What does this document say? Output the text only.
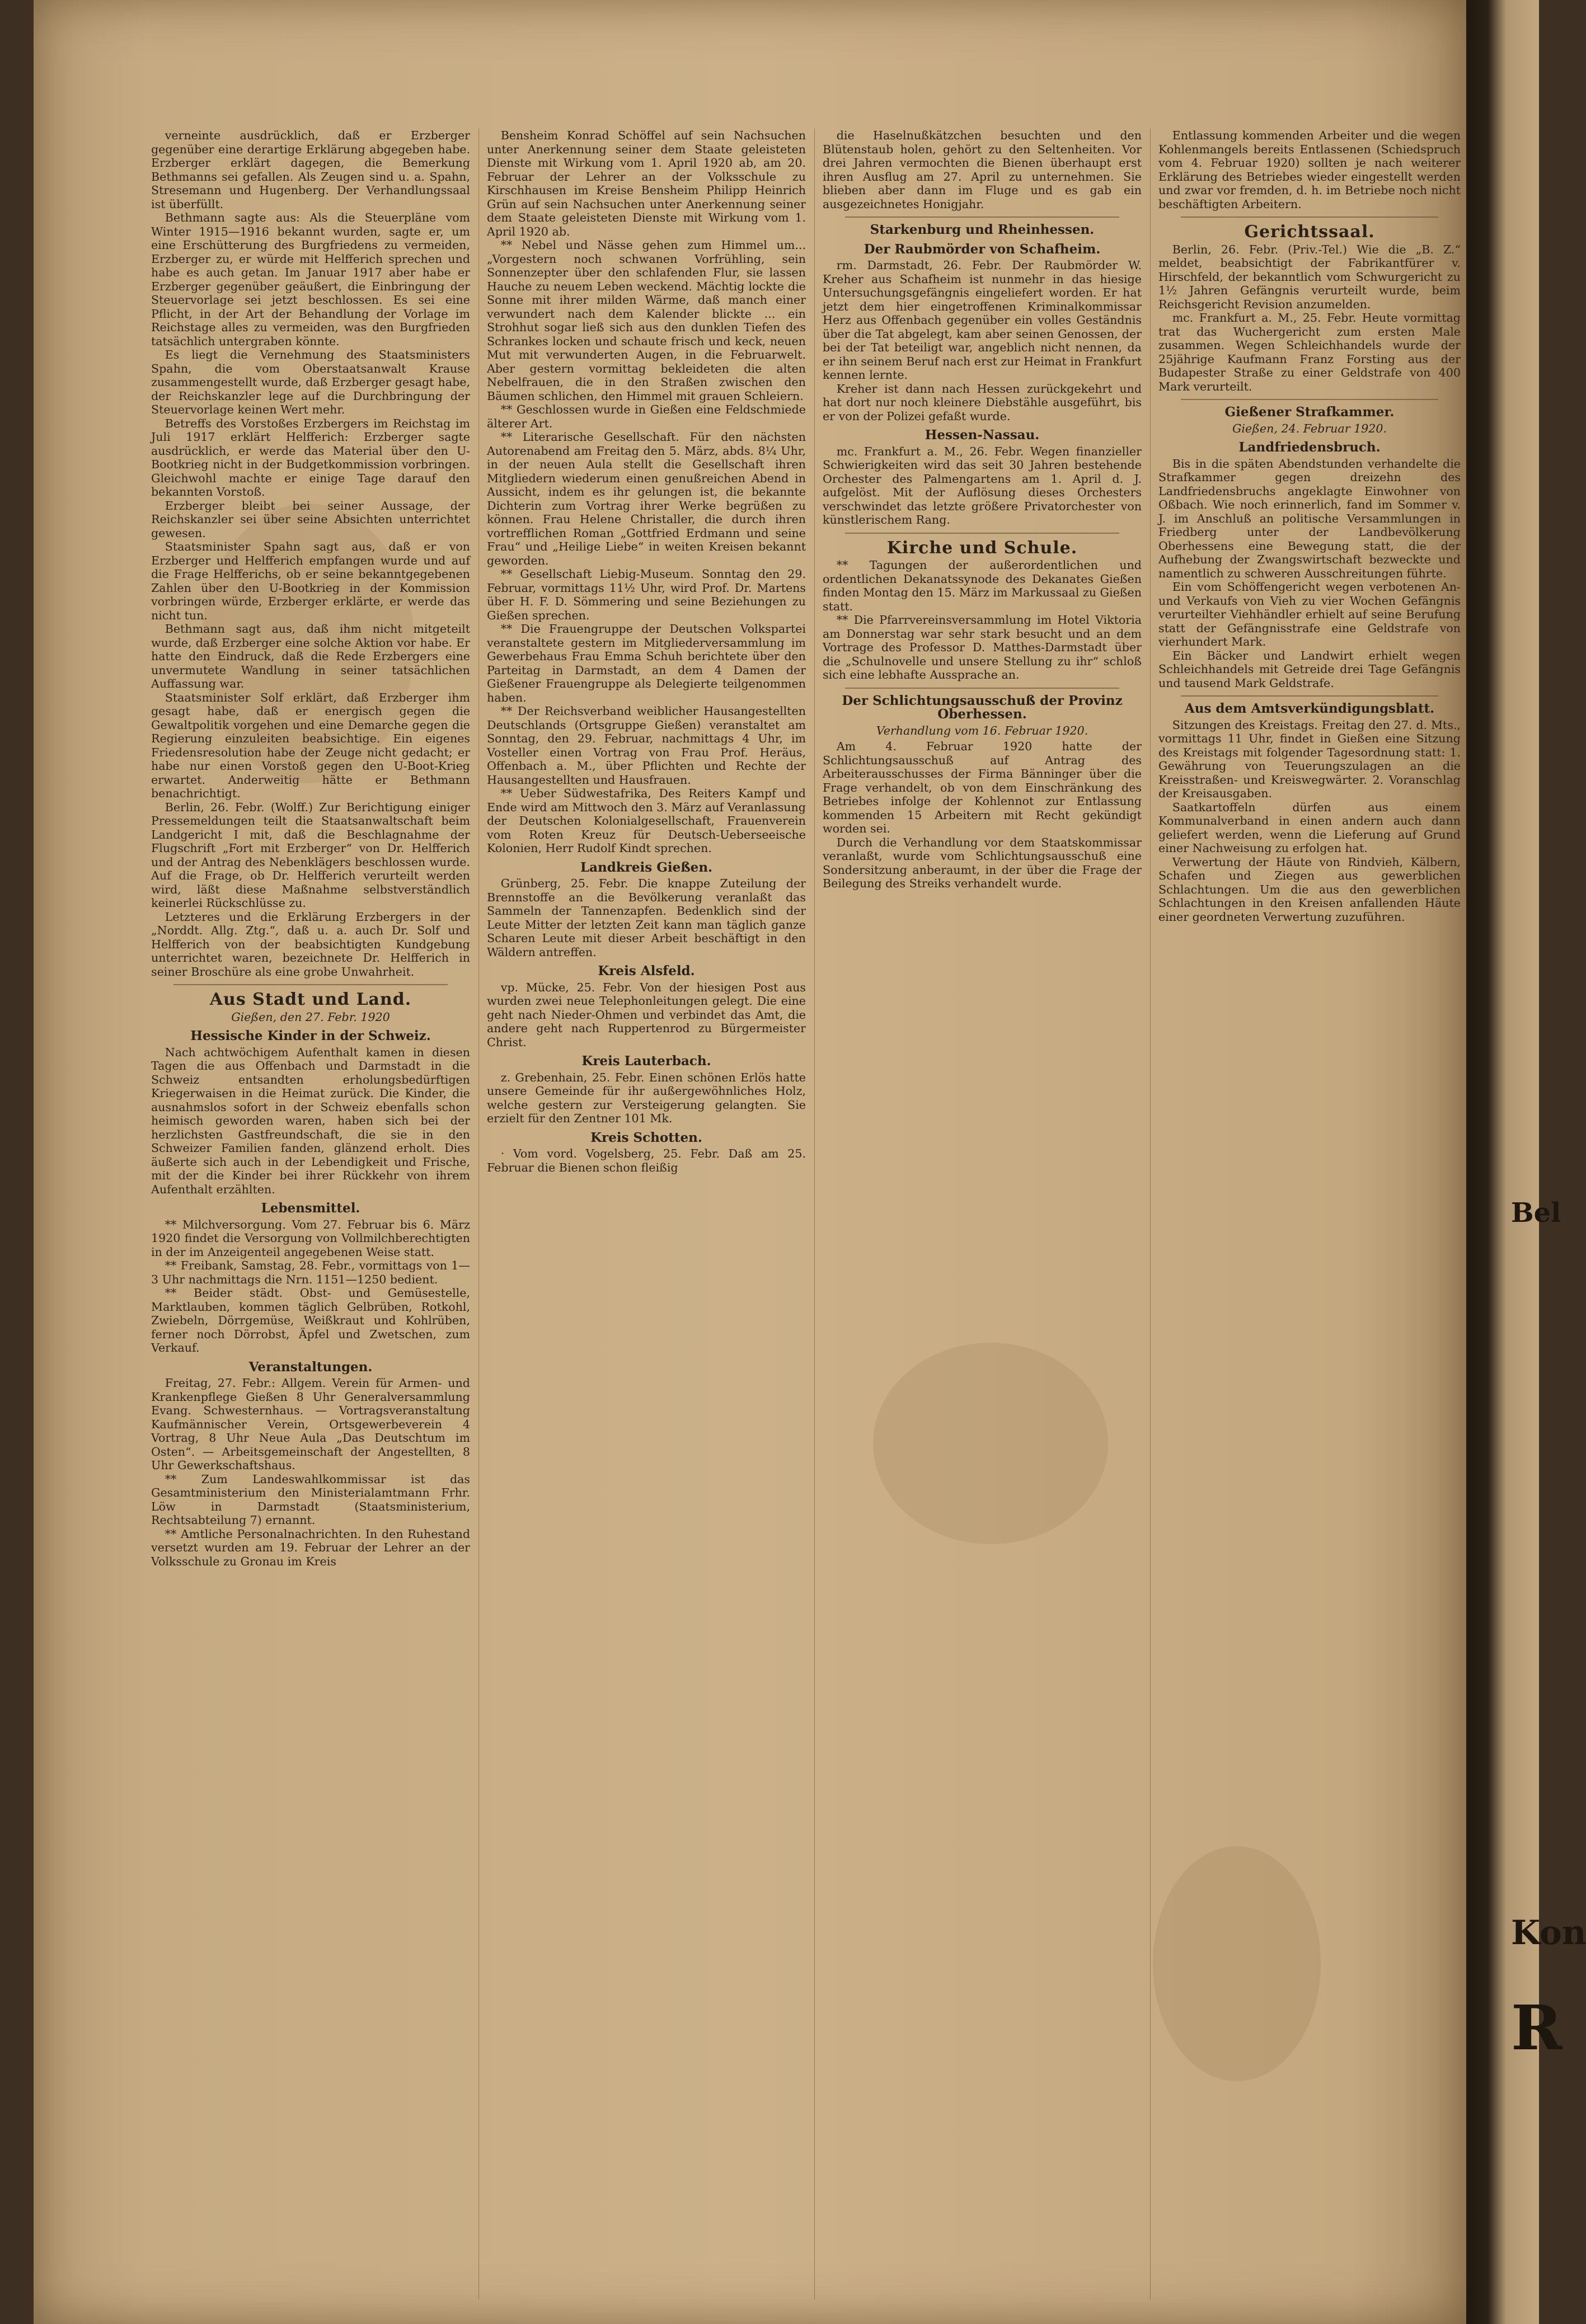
verneinte ausdrücklich, daß er Erzberger gegenüber eine derartige Erklärung abgegeben habe. Erzberger erklärt dagegen, die Bemerkung Bethmanns sei gefallen. Als Zeugen sind u. a. Spahn, Stresemann und Hugenberg. Der Verhandlungssaal ist überfüllt.

Bethmann sagte aus: Als die Steuerpläne vom Winter 1915—1916 bekannt wurden, sagte er, um eine Erschütterung des Burgfriedens zu vermeiden, Erzberger zu, er würde mit Helfferich sprechen und habe es auch getan. Im Januar 1917 aber habe er Erzberger gegenüber geäußert, die Einbringung der Steuervorlage sei jetzt beschlossen. Es sei eine Pflicht, in der Art der Behandlung der Vorlage im Reichstage alles zu vermeiden, was den Burgfrieden tatsächlich untergraben könnte.

Es liegt die Vernehmung des Staatsministers Spahn, die vom Oberstaatsanwalt Krause zusammengestellt wurde, daß Erzberger gesagt habe, der Reichskanzler lege auf die Durchbringung der Steuervorlage keinen Wert mehr.

Betreffs des Vorstoßes Erzbergers im Reichstag im Juli 1917 erklärt Helfferich: Erzberger sagte ausdrücklich, er werde das Material über den U-Bootkrieg nicht in der Budgetkommission vorbringen. Gleichwohl machte er einige Tage darauf den bekannten Vorstoß.

Erzberger bleibt bei seiner Aussage, der Reichskanzler sei über seine Absichten unterrichtet gewesen.

Staatsminister Spahn sagt aus, daß er von Erzberger und Helfferich empfangen wurde und auf die Frage Helfferichs, ob er seine bekanntgegebenen Zahlen über den U-Bootkrieg in der Kommission vorbringen würde, Erzberger erklärte, er werde das nicht tun.

Bethmann sagt aus, daß ihm nicht mitgeteilt wurde, daß Erzberger eine solche Aktion vor habe. Er hatte den Eindruck, daß die Rede Erzbergers eine unvermutete Wandlung in seiner tatsächlichen Auffassung war.

Staatsminister Solf erklärt, daß Erzberger ihm gesagt habe, daß er energisch gegen die Gewaltpolitik vorgehen und eine Demarche gegen die Regierung einzuleiten beabsichtige. Ein eigenes Friedensresolution habe der Zeuge nicht gedacht; er habe nur einen Vorstoß gegen den U-Boot-Krieg erwartet. Anderweitig hätte er Bethmann benachrichtigt.

Berlin, 26. Febr. (Wolff.) Zur Berichtigung einiger Pressemeldungen teilt die Staatsanwaltschaft beim Landgericht I mit, daß die Beschlagnahme der Flugschrift „Fort mit Erzberger“ von Dr. Helfferich und der Antrag des Nebenklägers beschlossen wurde. Auf die Frage, ob Dr. Helfferich verurteilt werden wird, läßt diese Maßnahme selbstverständlich keinerlei Rückschlüsse zu.

Letzteres und die Erklärung Erzbergers in der „Norddt. Allg. Ztg.“, daß u. a. auch Dr. Solf und Helfferich von der beabsichtigten Kundgebung unterrichtet waren, bezeichnete Dr. Helfferich in seiner Broschüre als eine grobe Unwahrheit.

Aus Stadt und Land.
Gießen, den 27. Febr. 1920
Hessische Kinder in der Schweiz.

Nach achtwöchigem Aufenthalt kamen in diesen Tagen die aus Offenbach und Darmstadt in die Schweiz entsandten erholungsbedürftigen Kriegerwaisen in die Heimat zurück. Die Kinder, die ausnahmslos sofort in der Schweiz ebenfalls schon heimisch geworden waren, haben sich bei der herzlichsten Gastfreundschaft, die sie in den Schweizer Familien fanden, glänzend erholt. Dies äußerte sich auch in der Lebendigkeit und Frische, mit der die Kinder bei ihrer Rückkehr von ihrem Aufenthalt erzählten.

Lebensmittel.

** Milchversorgung. Vom 27. Februar bis 6. März 1920 findet die Versorgung von Vollmilchberechtigten in der im Anzeigenteil angegebenen Weise statt.

** Freibank, Samstag, 28. Febr., vormittags von 1—3 Uhr nachmittags die Nrn. 1151—1250 bedient.

** Beider städt. Obst- und Gemüsestelle, Marktlauben, kommen täglich Gelbrüben, Rotkohl, Zwiebeln, Dörrgemüse, Weißkraut und Kohlrüben, ferner noch Dörrobst, Äpfel und Zwetschen, zum Verkauf.

Veranstaltungen.

Freitag, 27. Febr.: Allgem. Verein für Armen- und Krankenpflege Gießen 8 Uhr Generalversammlung Evang. Schwesternhaus. — Vortragsveranstaltung Kaufmännischer Verein, Ortsgewerbeverein 4 Vortrag, 8 Uhr Neue Aula „Das Deutschtum im Osten“. — Arbeitsgemeinschaft der Angestellten, 8 Uhr Gewerkschaftshaus.

** Zum Landeswahlkommissar ist das Gesamtministerium den Ministerialamtmann Frhr. Löw in Darmstadt (Staatsministerium, Rechtsabteilung 7) ernannt.

** Amtliche Personalnachrichten. In den Ruhestand versetzt wurden am 19. Februar der Lehrer an der Volksschule zu Gronau im Kreis

Bensheim Konrad Schöffel auf sein Nachsuchen unter Anerkennung seiner dem Staate geleisteten Dienste mit Wirkung vom 1. April 1920 ab, am 20. Februar der Lehrer an der Volksschule zu Kirschhausen im Kreise Bensheim Philipp Heinrich Grün auf sein Nachsuchen unter Anerkennung seiner dem Staate geleisteten Dienste mit Wirkung vom 1. April 1920 ab.

** Nebel und Nässe gehen zum Himmel um... „Vorgestern noch schwanen Vorfrühling, sein Sonnenzepter über den schlafenden Flur, sie lassen Hauche zu neuem Leben weckend. Mächtig lockte die Sonne mit ihrer milden Wärme, daß manch einer verwundert nach dem Kalender blickte ... ein Strohhut sogar ließ sich aus den dunklen Tiefen des Schrankes locken und schaute frisch und keck, neuen Mut mit verwunderten Augen, in die Februarwelt. Aber gestern vormittag bekleideten die alten Nebelfrauen, die in den Straßen zwischen den Bäumen schlichen, den Himmel mit grauen Schleiern.

** Geschlossen wurde in Gießen eine Feldschmiede älterer Art.

** Literarische Gesellschaft. Für den nächsten Autorenabend am Freitag den 5. März, abds. 8¼ Uhr, in der neuen Aula stellt die Gesellschaft ihren Mitgliedern wiederum einen genußreichen Abend in Aussicht, indem es ihr gelungen ist, die bekannte Dichterin zum Vortrag ihrer Werke begrüßen zu können. Frau Helene Christaller, die durch ihren vortrefflichen Roman „Gottfried Erdmann und seine Frau“ und „Heilige Liebe“ in weiten Kreisen bekannt geworden.

** Gesellschaft Liebig-Museum. Sonntag den 29. Februar, vormittags 11½ Uhr, wird Prof. Dr. Martens über H. F. D. Sömmering und seine Beziehungen zu Gießen sprechen.

** Die Frauengruppe der Deutschen Volkspartei veranstaltete gestern im Mitgliederversammlung im Gewerbehaus Frau Emma Schuh berichtete über den Parteitag in Darmstadt, an dem 4 Damen der Gießener Frauengruppe als Delegierte teilgenommen haben.

** Der Reichsverband weiblicher Hausangestellten Deutschlands (Ortsgruppe Gießen) veranstaltet am Sonntag, den 29. Februar, nachmittags 4 Uhr, im Vosteller einen Vortrag von Frau Prof. Heräus, Offenbach a. M., über Pflichten und Rechte der Hausangestellten und Hausfrauen.

** Ueber Südwestafrika, Des Reiters Kampf und Ende wird am Mittwoch den 3. März auf Veranlassung der Deutschen Kolonialgesellschaft, Frauenverein vom Roten Kreuz für Deutsch-Ueberseeische Kolonien, Herr Rudolf Kindt sprechen.

Landkreis Gießen.

Grünberg, 25. Febr. Die knappe Zuteilung der Brennstoffe an die Bevölkerung veranlaßt das Sammeln der Tannenzapfen. Bedenklich sind der Leute Mitter der letzten Zeit kann man täglich ganze Scharen Leute mit dieser Arbeit beschäftigt in den Wäldern antreffen.

Kreis Alsfeld.

vp. Mücke, 25. Febr. Von der hiesigen Post aus wurden zwei neue Telephonleitungen gelegt. Die eine geht nach Nieder-Ohmen und verbindet das Amt, die andere geht nach Ruppertenrod zu Bürgermeister Christ.

Kreis Lauterbach.

z. Grebenhain, 25. Febr. Einen schönen Erlös hatte unsere Gemeinde für ihr außergewöhnliches Holz, welche gestern zur Versteigerung gelangten. Sie erzielt für den Zentner 101 Mk.

Kreis Schotten.

· Vom vord. Vogelsberg, 25. Febr. Daß am 25. Februar die Bienen schon fleißig

die Haselnußkätzchen besuchten und den Blütenstaub holen, gehört zu den Seltenheiten. Vor drei Jahren vermochten die Bienen überhaupt erst ihren Ausflug am 27. April zu unternehmen. Sie blieben aber dann im Fluge und es gab ein ausgezeichnetes Honigjahr.

Starkenburg und Rheinhessen.
Der Raubmörder von Schafheim.

rm. Darmstadt, 26. Febr. Der Raubmörder W. Kreher aus Schafheim ist nunmehr in das hiesige Untersuchungsgefängnis eingeliefert worden. Er hat jetzt dem hier eingetroffenen Kriminalkommissar Herz aus Offenbach gegenüber ein volles Geständnis über die Tat abgelegt, kam aber seinen Genossen, der bei der Tat beteiligt war, angeblich nicht nennen, da er ihn seinem Beruf nach erst zur Heimat in Frankfurt kennen lernte.

Kreher ist dann nach Hessen zurückgekehrt und hat dort nur noch kleinere Diebstähle ausgeführt, bis er von der Polizei gefaßt wurde.

Hessen-Nassau.

mc. Frankfurt a. M., 26. Febr. Wegen finanzieller Schwierigkeiten wird das seit 30 Jahren bestehende Orchester des Palmengartens am 1. April d. J. aufgelöst. Mit der Auflösung dieses Orchesters verschwindet das letzte größere Privatorchester von künstlerischem Rang.

Kirche und Schule.

** Tagungen der außerordentlichen und ordentlichen Dekanatssynode des Dekanates Gießen finden Montag den 15. März im Markussaal zu Gießen statt.

** Die Pfarrvereinsversammlung im Hotel Viktoria am Donnerstag war sehr stark besucht und an dem Vortrage des Professor D. Matthes-Darmstadt über die „Schulnovelle und unsere Stellung zu ihr“ schloß sich eine lebhafte Aussprache an.

Der Schlichtungsausschuß der Provinz Oberhessen.
Verhandlung vom 16. Februar 1920.

Am 4. Februar 1920 hatte der Schlichtungsausschuß auf Antrag des Arbeiterausschusses der Firma Bänninger über die Frage verhandelt, ob von dem Einschränkung des Betriebes infolge der Kohlennot zur Entlassung kommenden 15 Arbeitern mit Recht gekündigt worden sei.

Durch die Verhandlung vor dem Staatskommissar veranlaßt, wurde vom Schlichtungsausschuß eine Sondersitzung anberaumt, in der über die Frage der Beilegung des Streiks verhandelt wurde.

Entlassung kommenden Arbeiter und die wegen Kohlenmangels bereits Entlassenen (Schiedspruch vom 4. Februar 1920) sollten je nach weiterer Erklärung des Betriebes wieder eingestellt werden und zwar vor fremden, d. h. im Betriebe noch nicht beschäftigten Arbeitern.

Gerichtssaal.

Berlin, 26. Febr. (Priv.-Tel.) Wie die „B. Z.“ meldet, beabsichtigt der Fabrikantfürer v. Hirschfeld, der bekanntlich vom Schwurgericht zu 1½ Jahren Gefängnis verurteilt wurde, beim Reichsgericht Revision anzumelden.

mc. Frankfurt a. M., 25. Febr. Heute vormittag trat das Wuchergericht zum ersten Male zusammen. Wegen Schleichhandels wurde der 25jährige Kaufmann Franz Forsting aus der Budapester Straße zu einer Geldstrafe von 400 Mark verurteilt.

Gießener Strafkammer.
Gießen, 24. Februar 1920.
Landfriedensbruch.

Bis in die späten Abendstunden verhandelte die Strafkammer gegen dreizehn des Landfriedensbruchs angeklagte Einwohner von Oßbach. Wie noch erinnerlich, fand im Sommer v. J. im Anschluß an politische Versammlungen in Friedberg unter der Landbevölkerung Oberhessens eine Bewegung statt, die der Aufhebung der Zwangswirtschaft bezweckte und namentlich zu schweren Ausschreitungen führte.

Ein vom Schöffengericht wegen verbotenen An- und Verkaufs von Vieh zu vier Wochen Gefängnis verurteilter Viehhändler erhielt auf seine Berufung statt der Gefängnisstrafe eine Geldstrafe von vierhundert Mark.

Ein Bäcker und Landwirt erhielt wegen Schleichhandels mit Getreide drei Tage Gefängnis und tausend Mark Geldstrafe.

Aus dem Amtsverkündigungsblatt.

Sitzungen des Kreistags. Freitag den 27. d. Mts., vormittags 11 Uhr, findet in Gießen eine Sitzung des Kreistags mit folgender Tagesordnung statt: 1. Gewährung von Teuerungszulagen an die Kreisstraßen- und Kreiswegwärter. 2. Voranschlag der Kreisausgaben.

Saatkartoffeln dürfen aus einem Kommunalverband in einen andern auch dann geliefert werden, wenn die Lieferung auf Grund einer Nachweisung zu erfolgen hat.

Verwertung der Häute von Rindvieh, Kälbern, Schafen und Ziegen aus gewerblichen Schlachtungen. Um die aus den gewerblichen Schlachtungen in den Kreisen anfallenden Häute einer geordneten Verwertung zuzuführen.

Bel
Kon
R
